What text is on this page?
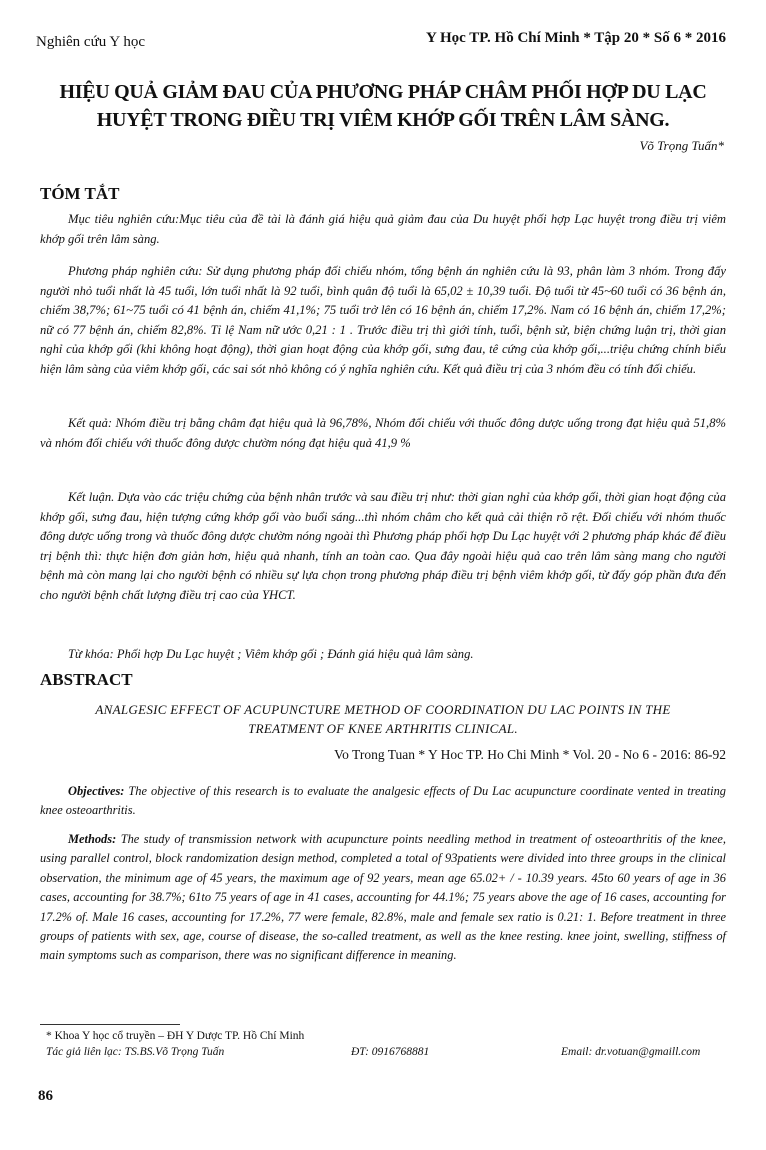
Nghiên cứu Y học	Y Học TP. Hồ Chí Minh * Tập 20 * Số 6 * 2016
HIỆU QUẢ GIẢM ĐAU CỦA PHƯƠNG PHÁP CHÂM PHỐI HỢP DU LẠC
HUYỆT TRONG ĐIỀU TRỊ VIÊM KHỚP GỐI TRÊN LÂM SÀNG.
Võ Trọng Tuấn*
TÓM TẮT
Mục tiêu nghiên cứu:Mục tiêu của đề tài là đánh giá hiệu quả giảm đau của Du huyệt phối hợp Lạc huyệt trong điều trị viêm khớp gối trên lâm sàng.
Phương pháp nghiên cứu: Sử dụng phương pháp đối chiếu nhóm, tổng bệnh án nghiên cứu là 93, phân làm 3 nhóm. Trong đấy người nhỏ tuổi nhất là 45 tuổi, lớn tuổi nhất là 92 tuổi, bình quân độ tuổi là 65,02 ± 10,39 tuổi. Độ tuổi từ 45~60 tuổi có 36 bệnh án, chiếm 38,7%; 61~75 tuổi có 41 bệnh án, chiếm 41,1%; 75 tuổi trở lên có 16 bệnh án, chiếm 17,2%. Nam có 16 bệnh án, chiếm 17,2%; nữ có 77 bệnh án, chiếm 82,8%. Tỉ lệ Nam nữ ước 0,21 : 1 . Trước điều trị thì giới tính, tuổi, bệnh sử, biện chứng luận trị, thời gian nghỉ của khớp gối (khi không hoạt động), thời gian hoạt động của khớp gối, sưng đau, tê cứng của khớp gối,...triệu chứng chính biểu hiện lâm sàng của viêm khớp gối, các sai sót nhỏ không có ý nghĩa nghiên cứu. Kết quả điều trị của 3 nhóm đều có tính đối chiếu.
Kết quả: Nhóm điều trị bằng châm đạt hiệu quả là 96,78%, Nhóm đối chiếu với thuốc đông dược uống trong đạt hiệu quả 51,8% và nhóm đối chiếu với thuốc đông dược chườm nóng đạt hiệu quả 41,9 %
Kết luận. Dựa vào các triệu chứng của bệnh nhân trước và sau điều trị như: thời gian nghỉ của khớp gối, thời gian hoạt động của khớp gối, sưng đau, hiện tượng cứng khớp gối vào buổi sáng...thì nhóm châm cho kết quả cải thiện rõ rệt. Đối chiếu với nhóm thuốc đông dược uống trong và thuốc đông dược chườm nóng ngoài thì Phương pháp phối hợp Du Lạc huyệt với 2 phương pháp khác để điều trị bệnh thì: thực hiện đơn giản hơn, hiệu quả nhanh, tính an toàn cao. Qua đây ngoài hiệu quả cao trên lâm sàng mang cho người bệnh mà còn mang lại cho người bệnh có nhiều sự lựa chọn trong phương pháp điều trị bệnh viêm khớp gối, từ đấy góp phần đưa đến cho người bệnh chất lượng điều trị cao của YHCT.
Từ khóa: Phối hợp Du Lạc huyệt ; Viêm khớp gối ; Đánh giá hiệu quả lâm sàng.
ABSTRACT
ANALGESIC EFFECT OF ACUPUNCTURE METHOD OF COORDINATION DU LAC POINTS IN THE
TREATMENT OF KNEE ARTHRITIS CLINICAL.
Vo Trong Tuan * Y Hoc TP. Ho Chi Minh * Vol. 20 - No 6 - 2016: 86-92
Objectives: The objective of this research is to evaluate the analgesic effects of Du Lac acupuncture coordinate vented in treating knee osteoarthritis.
Methods: The study of transmission network with acupuncture points needling method in treatment of osteoarthritis of the knee, using parallel control, block randomization design method, completed a total of 93patients were divided into three groups in the clinical observation, the minimum age of 45 years, the maximum age of 92 years, mean age 65.02+ / - 10.39 years. 45to 60 years of age in 36 cases, accounting for 38.7%; 61to 75 years of age in 41 cases, accounting for 44.1%; 75 years above the age of 16 cases, accounting for 17.2% of. Male 16 cases, accounting for 17.2%, 77 were female, 82.8%, male and female sex ratio is 0.21: 1. Before treatment in three groups of patients with sex, age, course of disease, the so-called treatment, as well as the knee resting. knee joint, swelling, stiffness of main symptoms such as comparison, there was no significant difference in meaning.
* Khoa Y học cổ truyền – ĐH Y Dược TP. Hồ Chí Minh
Tác giả liên lạc: TS.BS.Võ Trọng Tuấn	ĐT: 0916768881	Email: dr.votuan@gmaill.com
86
